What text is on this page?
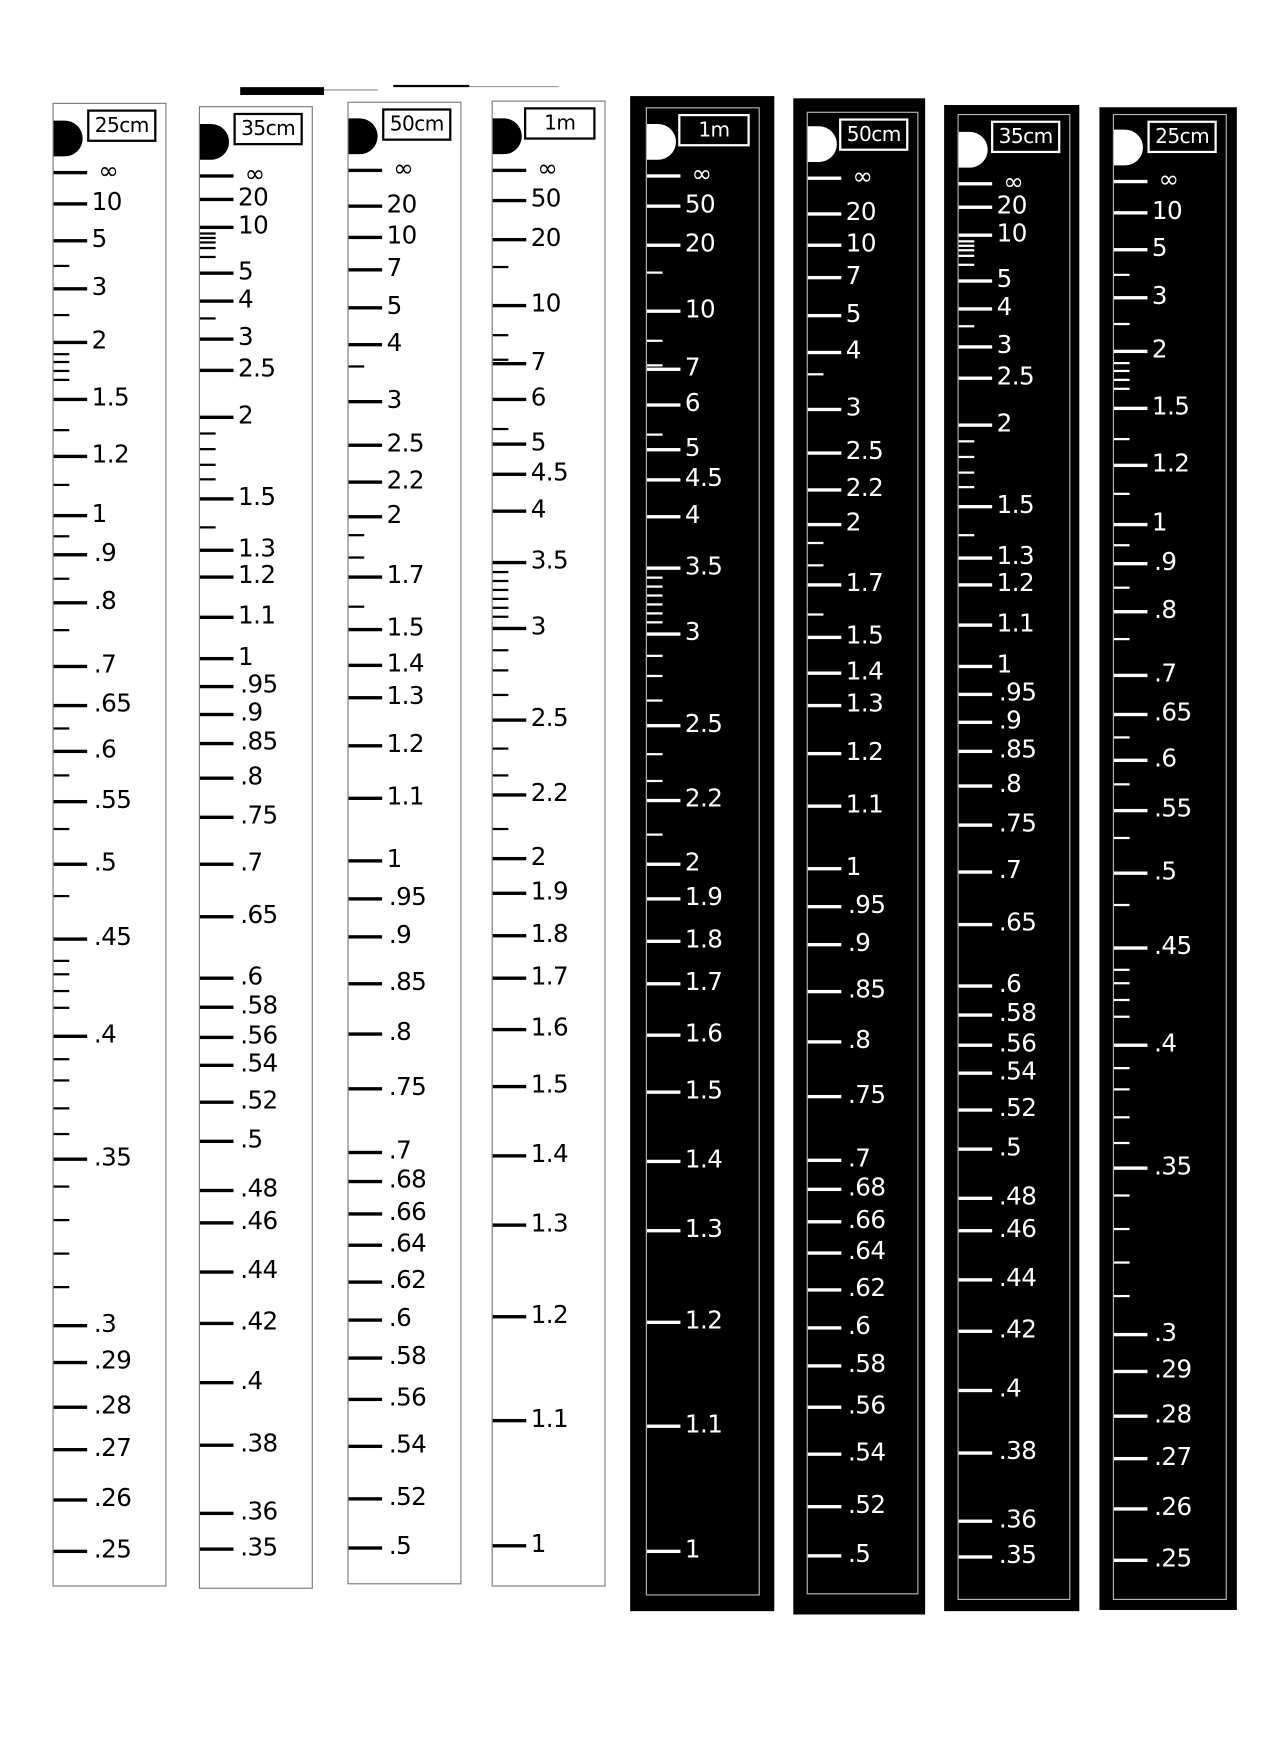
25cm
∞
10
5
3
2
1.5
1.2
1
.9
.8
.7
.65
.6
.55
.5
.45
.4
.35
.3
.29
.28
.27
.26
.25
35cm
∞
20
10
5
4
3
2.5
2
1.5
1.3
1.2
1.1
1
.95
.9
.85
.8
.75
.7
.65
.6
.58
.56
.54
.52
.5
.48
.46
.44
.42
.4
.38
.36
.35
50cm
∞
20
10
7
5
4
3
2.5
2.2
2
1.7
1.5
1.4
1.3
1.2
1.1
1
.95
.9
.85
.8
.75
.7
.68
.66
.64
.62
.6
.58
.56
.54
.52
.5
1m
∞
50
20
10
7
6
5
4.5
4
3.5
3
2.5
2.2
2
1.9
1.8
1.7
1.6
1.5
1.4
1.3
1.2
1.1
1
1m
∞
50
20
10
7
6
5
4.5
4
3.5
3
2.5
2.2
2
1.9
1.8
1.7
1.6
1.5
1.4
1.3
1.2
1.1
1
50cm
∞
20
10
7
5
4
3
2.5
2.2
2
1.7
1.5
1.4
1.3
1.2
1.1
1
.95
.9
.85
.8
.75
.7
.68
.66
.64
.62
.6
.58
.56
.54
.52
.5
35cm
∞
20
10
5
4
3
2.5
2
1.5
1.3
1.2
1.1
1
.95
.9
.85
.8
.75
.7
.65
.6
.58
.56
.54
.52
.5
.48
.46
.44
.42
.4
.38
.36
.35
25cm
∞
10
5
3
2
1.5
1.2
1
.9
.8
.7
.65
.6
.55
.5
.45
.4
.35
.3
.29
.28
.27
.26
.25
